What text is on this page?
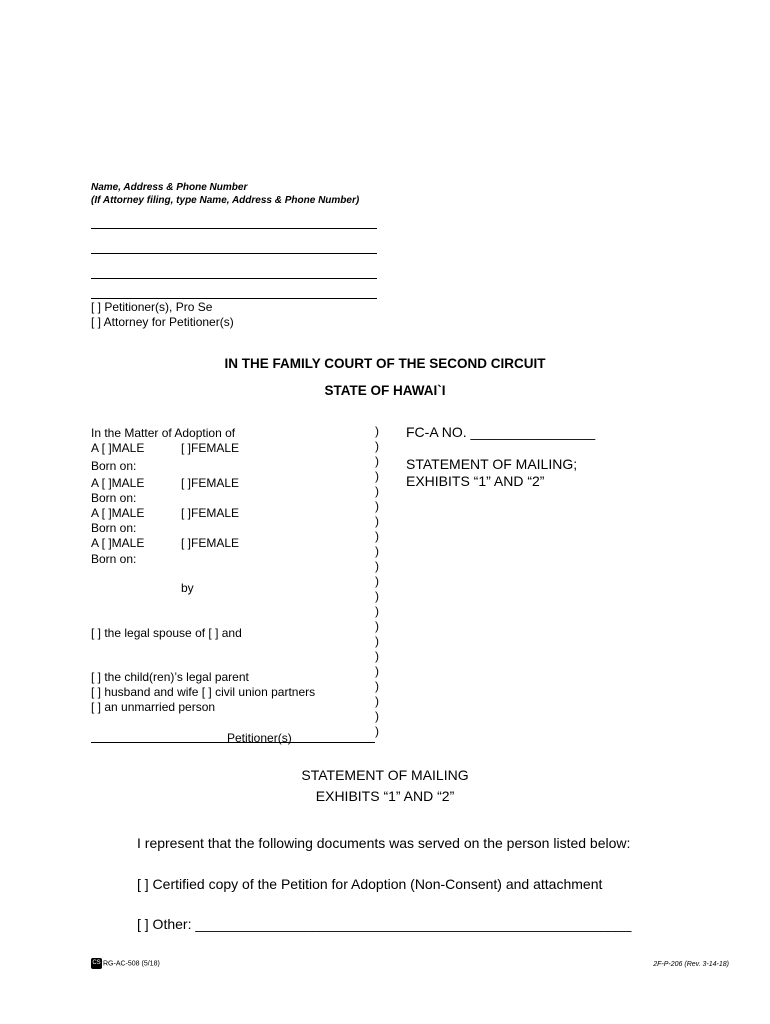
Name, Address & Phone Number
(If Attorney filing, type Name, Address & Phone Number)
[ ] Petitioner(s), Pro Se
[ ] Attorney for Petitioner(s)
IN THE FAMILY COURT OF THE SECOND CIRCUIT
STATE OF HAWAI`I
In the Matter of Adoption of
A [ ]MALE	[ ]FEMALE
Born on:
A [ ]MALE	[ ]FEMALE
Born on:
A [ ]MALE	[ ]FEMALE
Born on:
A [ ]MALE	[ ]FEMALE
Born on:
by
[ ] the legal spouse of [ ] and
[ ] the child(ren)’s legal parent
[ ] husband and wife [ ] civil union partners
[ ] an unmarried person
Petitioner(s)
)
)
)
)
)
)
)
)
)
)
)
)
)
)
)
)
)
)
)
)
)
FC-A NO. ________________
STATEMENT OF MAILING;
EXHIBITS “1” AND “2”
STATEMENT OF MAILING
EXHIBITS “1” AND “2”
I represent that the following documents was served on the person listed below:
[ ] Certified copy of the Petition for Adoption (Non-Consent) and attachment
[ ] Other: ________________________________________________________
CS RG-AC-508 (5/18)	2F-P-206 (Rev. 3-14-18)
